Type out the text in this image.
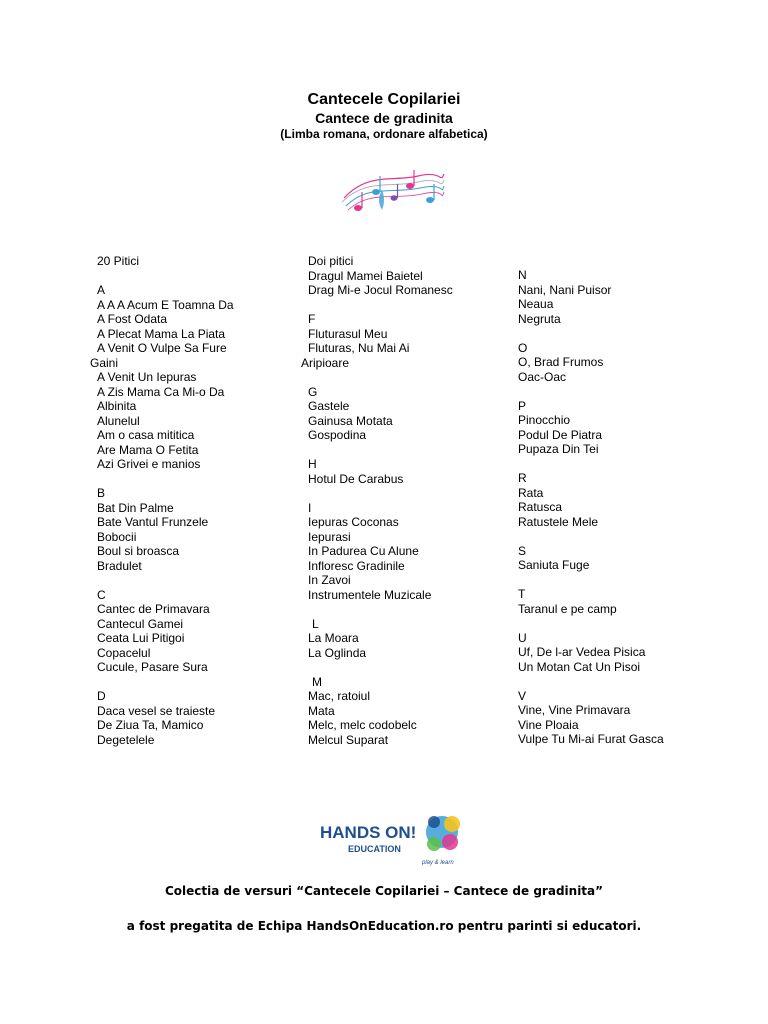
Cantecele Copilariei
Cantece de gradinita
(Limba romana, ordonare alfabetica)
20 Pitici
A
A A A Acum E Toamna Da
A Fost Odata
A Plecat Mama La Piata
A Venit O Vulpe Sa Fure
Gaini
A Venit Un Iepuras
A Zis Mama Ca Mi-o Da
Albinita
Alunelul
Am o casa mititica
Are Mama O Fetita
Azi Grivei e manios
B
Bat Din Palme
Bate Vantul Frunzele
Bobocii
Boul si broasca
Bradulet
C
Cantec de Primavara
Cantecul Gamei
Ceata Lui Pitigoi
Copacelul
Cucule, Pasare Sura
D
Daca vesel se traieste
De Ziua Ta, Mamico
Degetelele
Doi pitici
Dragul Mamei Baietel
Drag Mi-e Jocul Romanesc
F
Fluturasul Meu
Fluturas, Nu Mai Ai
Aripioare
G
Gastele
Gainusa Motata
Gospodina
H
Hotul De Carabus
I
Iepuras Coconas
Iepurasi
In Padurea Cu Alune
Infloresc Gradinile
In Zavoi
Instrumentele Muzicale
L
La Moara
La Oglinda
M
Mac, ratoiul
Mata
Melc, melc codobelc
Melcul Suparat
N
Nani, Nani Puisor
Neaua
Negruta
O
O, Brad Frumos
Oac-Oac
P
Pinocchio
Podul De Piatra
Pupaza Din Tei
R
Rata
Ratusca
Ratustele Mele
S
Saniuta Fuge
T
Taranul e pe camp
U
Uf, De l-ar Vedea Pisica
Un Motan Cat Un Pisoi
V
Vine, Vine Primavara
Vine Ploaia
Vulpe Tu Mi-ai Furat Gasca
HANDS ON!
EDUCATION
play & learn
Colectia de versuri “Cantecele Copilariei – Cantece de gradinita”
a fost pregatita de Echipa HandsOnEducation.ro pentru parinti si educatori.
